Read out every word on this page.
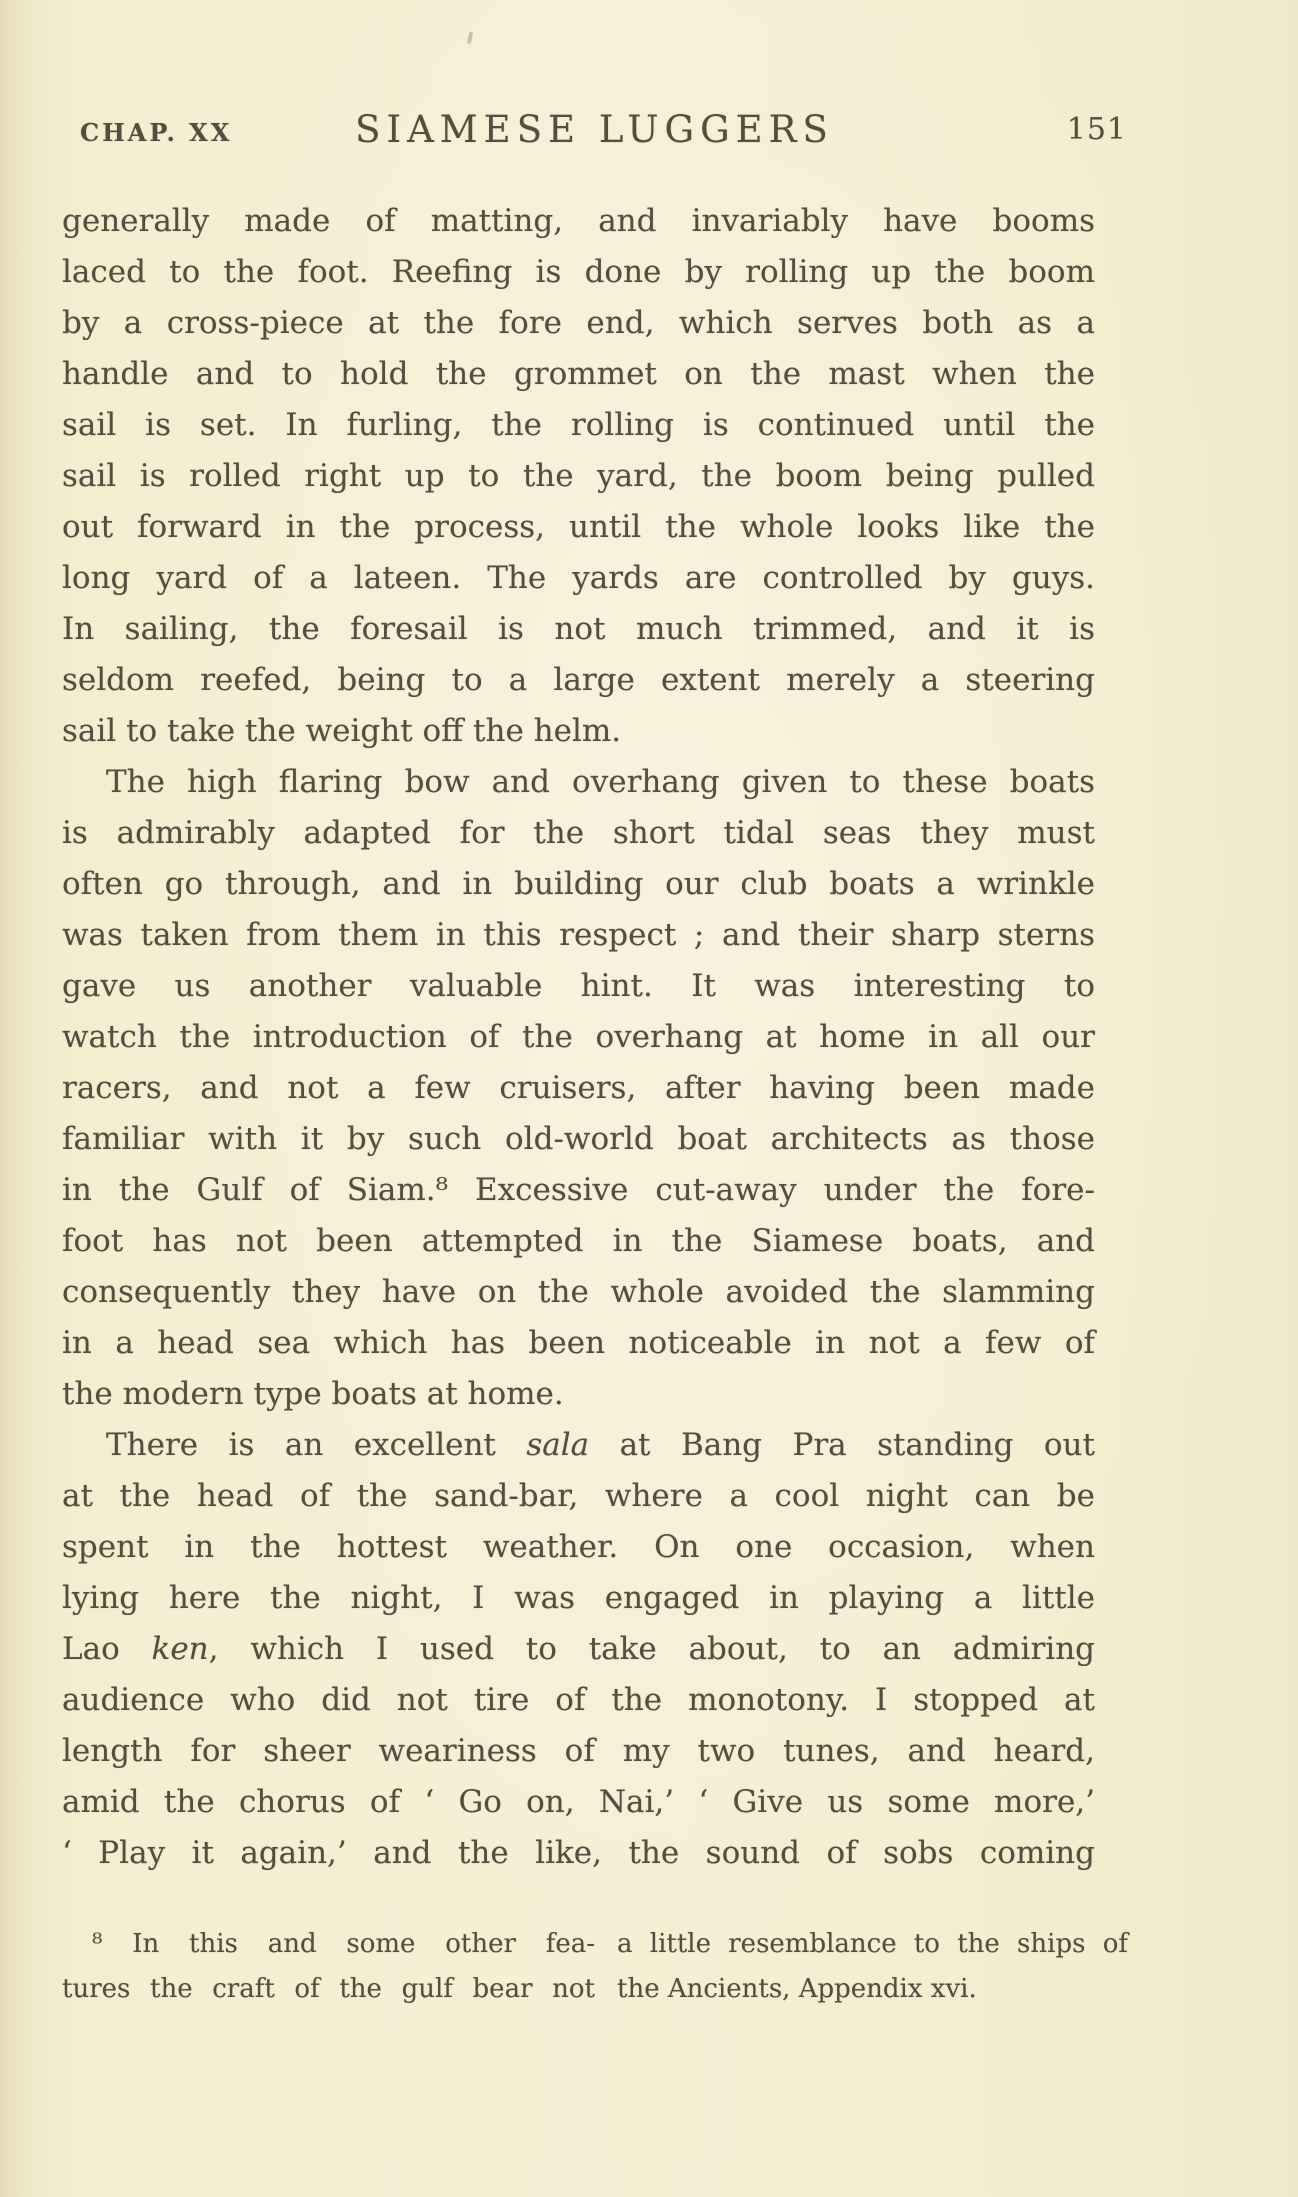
CHAP. XX	SIAMESE LUGGERS	151
generally made of matting, and invariably have booms
laced to the foot. Reefing is done by rolling up the boom
by a cross-piece at the fore end, which serves both as a
handle and to hold the grommet on the mast when the
sail is set. In furling, the rolling is continued until the
sail is rolled right up to the yard, the boom being pulled
out forward in the process, until the whole looks like the
long yard of a lateen. The yards are controlled by guys.
In sailing, the foresail is not much trimmed, and it is
seldom reefed, being to a large extent merely a steering
sail to take the weight off the helm.
The high flaring bow and overhang given to these boats
is admirably adapted for the short tidal seas they must
often go through, and in building our club boats a wrinkle
was taken from them in this respect ; and their sharp sterns
gave us another valuable hint. It was interesting to
watch the introduction of the overhang at home in all our
racers, and not a few cruisers, after having been made
familiar with it by such old-world boat architects as those
in the Gulf of Siam.⁸ Excessive cut-away under the fore-
foot has not been attempted in the Siamese boats, and
consequently they have on the whole avoided the slamming
in a head sea which has been noticeable in not a few of
the modern type boats at home.
There is an excellent sala at Bang Pra standing out
at the head of the sand-bar, where a cool night can be
spent in the hottest weather. On one occasion, when
lying here the night, I was engaged in playing a little
Lao ken, which I used to take about, to an admiring
audience who did not tire of the monotony. I stopped at
length for sheer weariness of my two tunes, and heard,
amid the chorus of ‘ Go on, Nai,’ ‘ Give us some more,’
‘ Play it again,’ and the like, the sound of sobs coming
⁸ In this and some other fea-
tures the craft of the gulf bear not
a little resemblance to the ships of
the Ancients, Appendix xvi.
